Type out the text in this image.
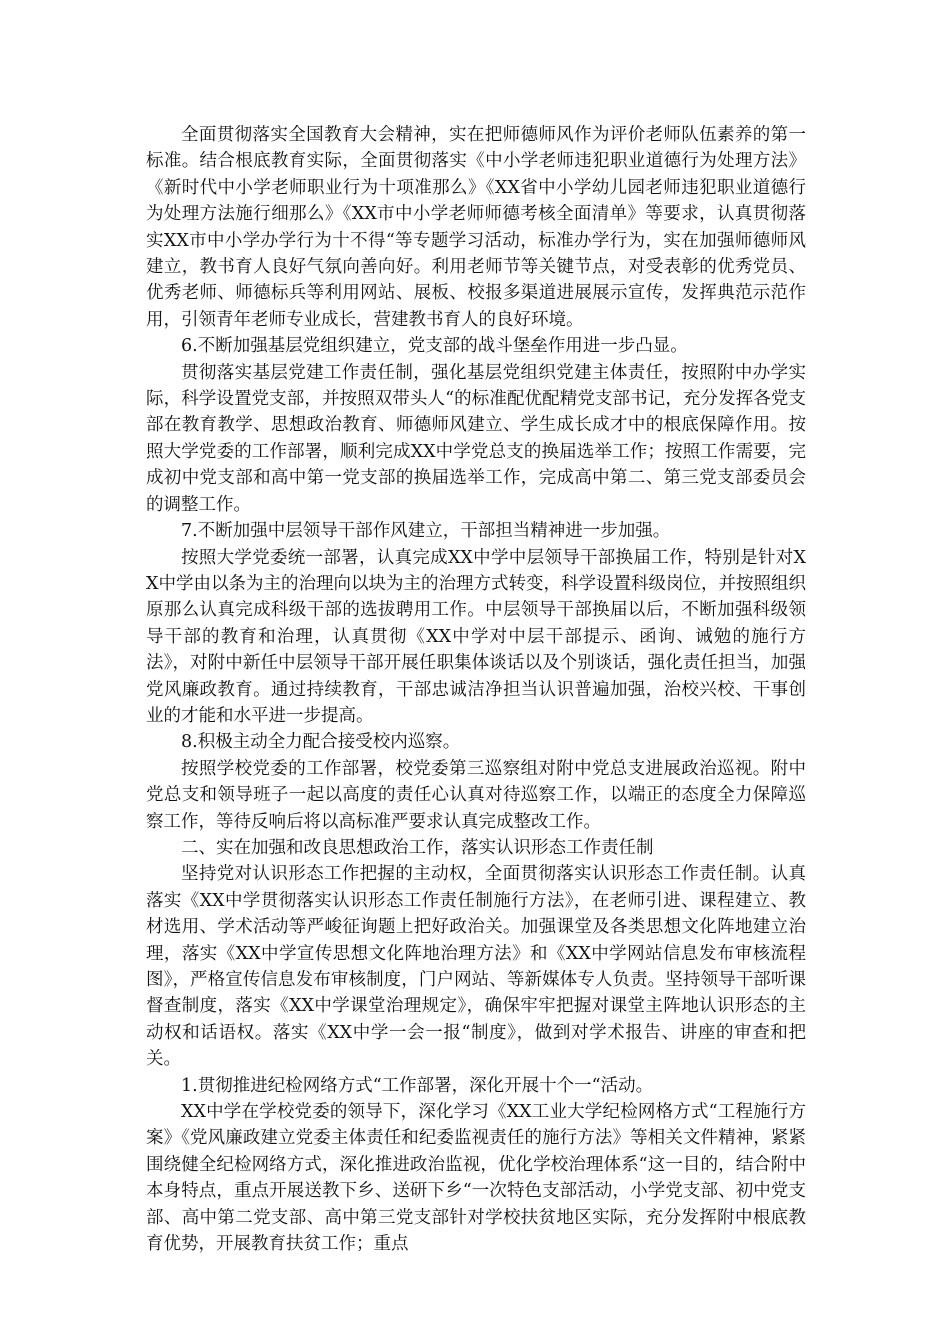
全面贯彻落实全国教育大会精神，实在把师德师风作为评价老师队伍素养的第一标准。结合根底教育实际，全面贯彻落实《中小学老师违犯职业道德行为处理方法》《新时代中小学老师职业行为十项准那么》《XX省中小学幼儿园老师违犯职业道德行为处理方法施行细那么》《XX市中小学老师师德考核全面清单》等要求，认真贯彻落实XX市中小学办学行为十不得“等专题学习活动，标准办学行为，实在加强师德师风建立，教书育人良好气氛向善向好。利用老师节等关键节点，对受表彰的优秀党员、优秀老师、师德标兵等利用网站、展板、校报多渠道进展展示宣传，发挥典范示范作用，引领青年老师专业成长，营建教书育人的良好环境。

6.不断加强基层党组织建立，党支部的战斗堡垒作用进一步凸显。

贯彻落实基层党建工作责任制，强化基层党组织党建主体责任，按照附中办学实际，科学设置党支部，并按照双带头人“的标准配优配精党支部书记，充分发挥各党支部在教育教学、思想政治教育、师德师风建立、学生成长成才中的根底保障作用。按照大学党委的工作部署，顺利完成XX中学党总支的换届选举工作；按照工作需要，完成初中党支部和高中第一党支部的换届选举工作，完成高中第二、第三党支部委员会的调整工作。

7.不断加强中层领导干部作风建立，干部担当精神进一步加强。

按照大学党委统一部署，认真完成XX中学中层领导干部换届工作，特别是针对XX中学由以条为主的治理向以块为主的治理方式转变，科学设置科级岗位，并按照组织原那么认真完成科级干部的选拔聘用工作。中层领导干部换届以后，不断加强科级领导干部的教育和治理，认真贯彻《XX中学对中层干部提示、函询、诫勉的施行方法》，对附中新任中层领导干部开展任职集体谈话以及个别谈话，强化责任担当，加强党风廉政教育。通过持续教育，干部忠诚洁净担当认识普遍加强，治校兴校、干事创业的才能和水平进一步提高。

8.积极主动全力配合接受校内巡察。

按照学校党委的工作部署，校党委第三巡察组对附中党总支进展政治巡视。附中党总支和领导班子一起以高度的责任心认真对待巡察工作，以端正的态度全力保障巡察工作，等待反响后将以高标准严要求认真完成整改工作。

二、实在加强和改良思想政治工作，落实认识形态工作责任制

坚持党对认识形态工作把握的主动权，全面贯彻落实认识形态工作责任制。认真落实《XX中学贯彻落实认识形态工作责任制施行方法》，在老师引进、课程建立、教材选用、学术活动等严峻征询题上把好政治关。加强课堂及各类思想文化阵地建立治理，落实《XX中学宣传思想文化阵地治理方法》和《XX中学网站信息发布审核流程图》，严格宣传信息发布审核制度，门户网站、等新媒体专人负责。坚持领导干部听课督查制度，落实《XX中学课堂治理规定》，确保牢牢把握对课堂主阵地认识形态的主动权和话语权。落实《XX中学一会一报“制度》，做到对学术报告、讲座的审查和把关。

1.贯彻推进纪检网络方式“工作部署，深化开展十个一“活动。

XX中学在学校党委的领导下，深化学习《XX工业大学纪检网格方式“工程施行方案》《党风廉政建立党委主体责任和纪委监视责任的施行方法》等相关文件精神，紧紧围绕健全纪检网络方式，深化推进政治监视，优化学校治理体系“这一目的，结合附中本身特点，重点开展送教下乡、送研下乡“一次特色支部活动，小学党支部、初中党支部、高中第二党支部、高中第三党支部针对学校扶贫地区实际，充分发挥附中根底教育优势，开展教育扶贫工作；重点
